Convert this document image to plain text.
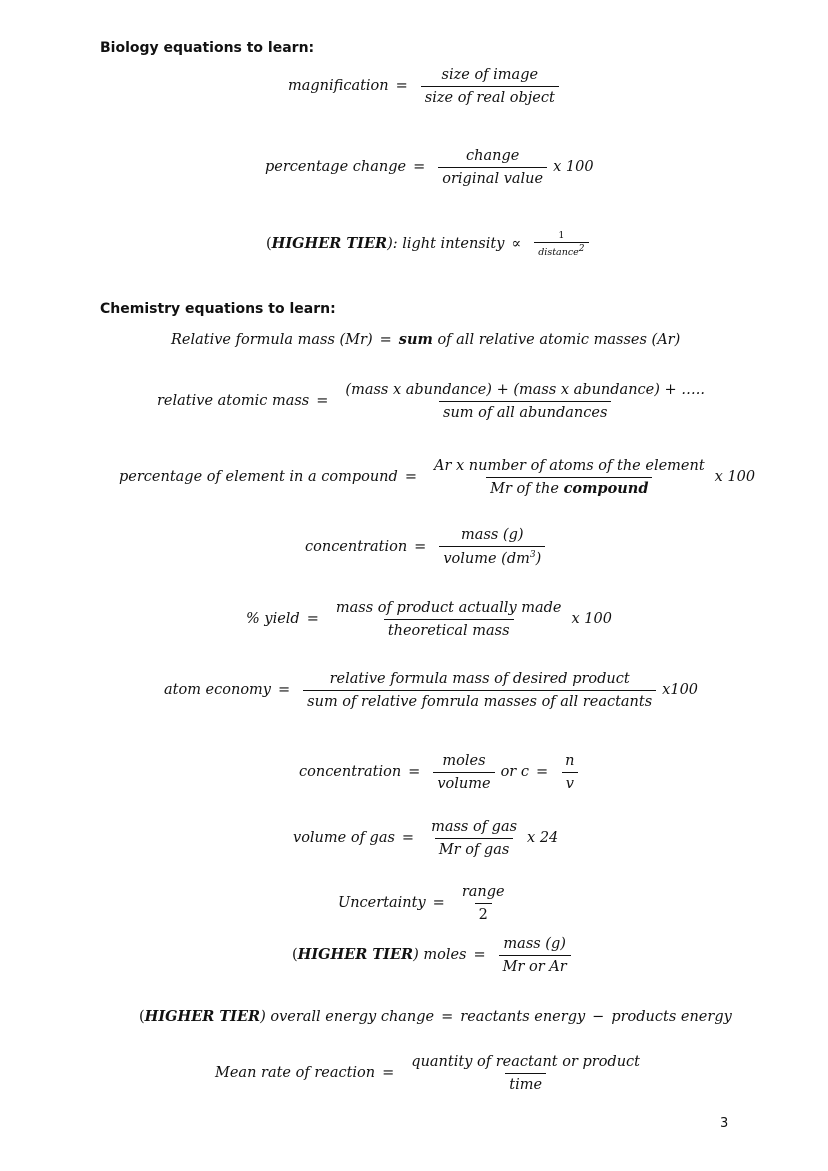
Biology equations to learn:

magnification = $\frac{\text{size of image}}{\text{size of real object}}$
percentage change = $\frac{\text{change}}{\text{original value}}$ x 100
( HIGHER TIER ): light intensity ∝ $\frac{1}{distance^2}$

Chemistry equations to learn:

Relative formula mass (Mr) = sum
of all relative atomic masses (Ar)
relative atomic mass = $\frac{\text{(mass x abundance) + (mass x abundance) + …..}}{\text{sum of all abundances}}$
percentage of element in a compound = $\frac{\text{Ar x number of atoms of the element}}{\text{Mr of the compound}}$ x 100
concentration = $\frac{\text{mass (g)}}{volume (dm^3)}$
% yield = $\frac{\text{mass of product actually made}}{\text{theoretical mass}}$ x 100
atom economy = $\frac{\text{relative formula mass of desired product}}{\text{sum of relative fomrula masses of all reactants}} x100$
concentration = $\frac{\text{moles}}{\text{volume}}$ or $c = \frac{n}{v}$
volume of gas = $\frac{\text{mass of gas}}{\text{Mr of gas}}$ x 24
Uncertainty = $\frac{\text{range}}{2}$
( HIGHER TIER ) moles = $\frac{\text{mass (g)}}{\text{Mr or Ar}}$
( HIGHER TIER ) overall energy change = reactants energy − products energy
Mean rate of reaction = $\frac{\text{quantity of reactant or product}}{\text{time}}$

3
